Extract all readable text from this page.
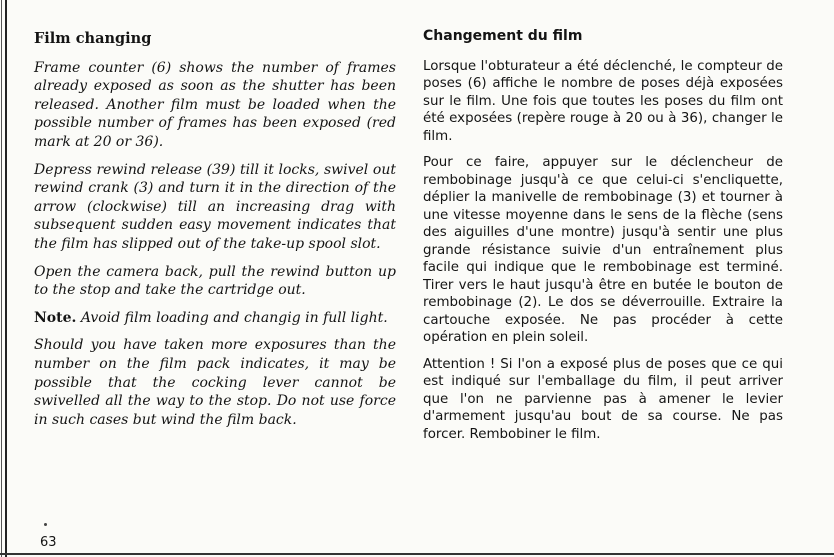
Film changing

Frame counter (6) shows the number of frames already exposed as soon as the shutter has been released. Another film must be loaded when the possible number of frames has been exposed (red mark at 20 or 36).

Depress rewind release (39) till it locks, swivel out rewind crank (3) and turn it in the direction of the arrow (clockwise) till an increasing drag with subsequent sudden easy movement indicates that the film has slipped out of the take-up spool slot.

Open the camera back, pull the rewind button up to the stop and take the cartridge out.

Note. Avoid film loading and changig in full light.

Should you have taken more exposures than the number on the film pack indicates, it may be possible that the cocking lever cannot be swivelled all the way to the stop. Do not use force in such cases but wind the film back.

Changement du film

Lorsque l'obturateur a été déclenché, le compteur de poses (6) affiche le nombre de poses déjà exposées sur le film. Une fois que toutes les poses du film ont été exposées (repère rouge à 20 ou à 36), changer le film.

Pour ce faire, appuyer sur le déclencheur de rembobinage jusqu'à ce que celui-ci s'encliquette, déplier la manivelle de rembobinage (3) et tourner à une vitesse moyenne dans le sens de la flèche (sens des aiguilles d'une montre) jusqu'à sentir une plus grande résistance suivie d'un entraînement plus facile qui indique que le rembobinage est terminé. Tirer vers le haut jusqu'à être en butée le bouton de rembobinage (2). Le dos se déverrouille. Extraire la cartouche exposée. Ne pas procéder à cette opération en plein soleil.

Attention ! Si l'on a exposé plus de poses que ce qui est indiqué sur l'emballage du film, il peut arriver que l'on ne parvienne pas à amener le levier d'armement jusqu'au bout de sa course. Ne pas forcer. Rembobiner le film.

63
